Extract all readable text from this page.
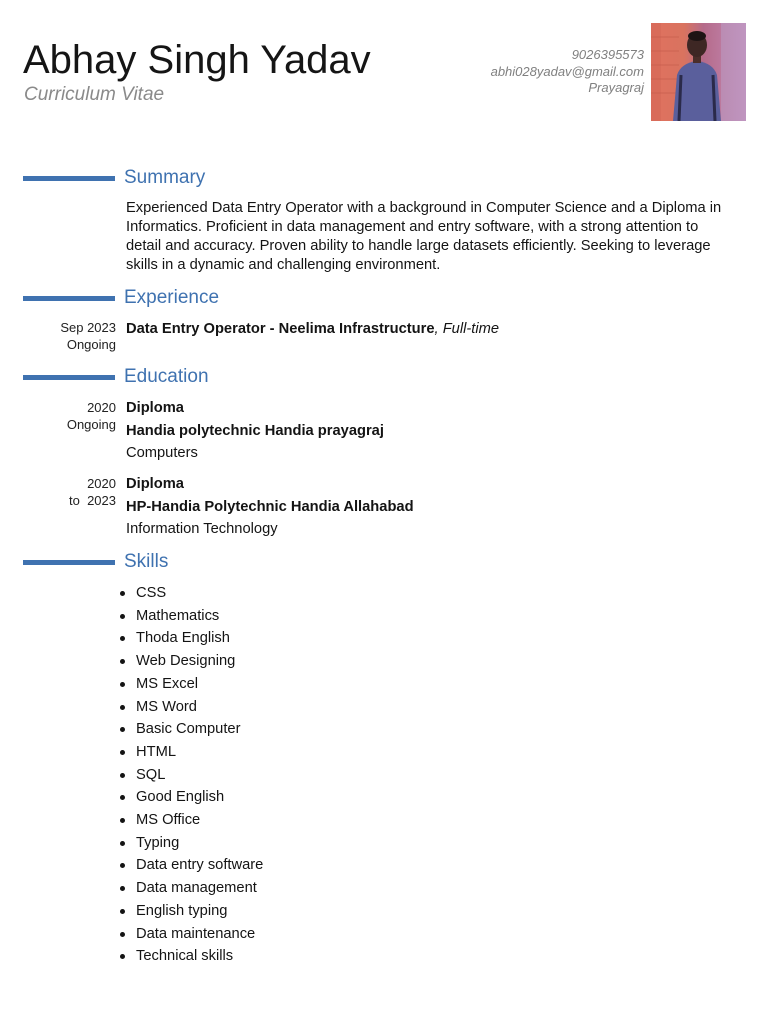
Abhay Singh Yadav
Curriculum Vitae
9026395573
abhi028yadav@gmail.com
Prayagraj
Summary
Experienced Data Entry Operator with a background in Computer Science and a Diploma in Informatics. Proficient in data management and entry software, with a strong attention to detail and accuracy. Proven ability to handle large datasets efficiently. Seeking to leverage skills in a dynamic and challenging environment.
Experience
Sep 2023
Ongoing
Data Entry Operator - Neelima Infrastructure, Full-time
Education
2020
Ongoing
Diploma
Handia polytechnic Handia prayagraj
Computers
2020
to  2023
Diploma
HP-Handia Polytechnic Handia Allahabad
Information Technology
Skills
CSS
Mathematics
Thoda English
Web Designing
MS Excel
MS Word
Basic Computer
HTML
SQL
Good English
MS Office
Typing
Data entry software
Data management
English typing
Data maintenance
Technical skills
